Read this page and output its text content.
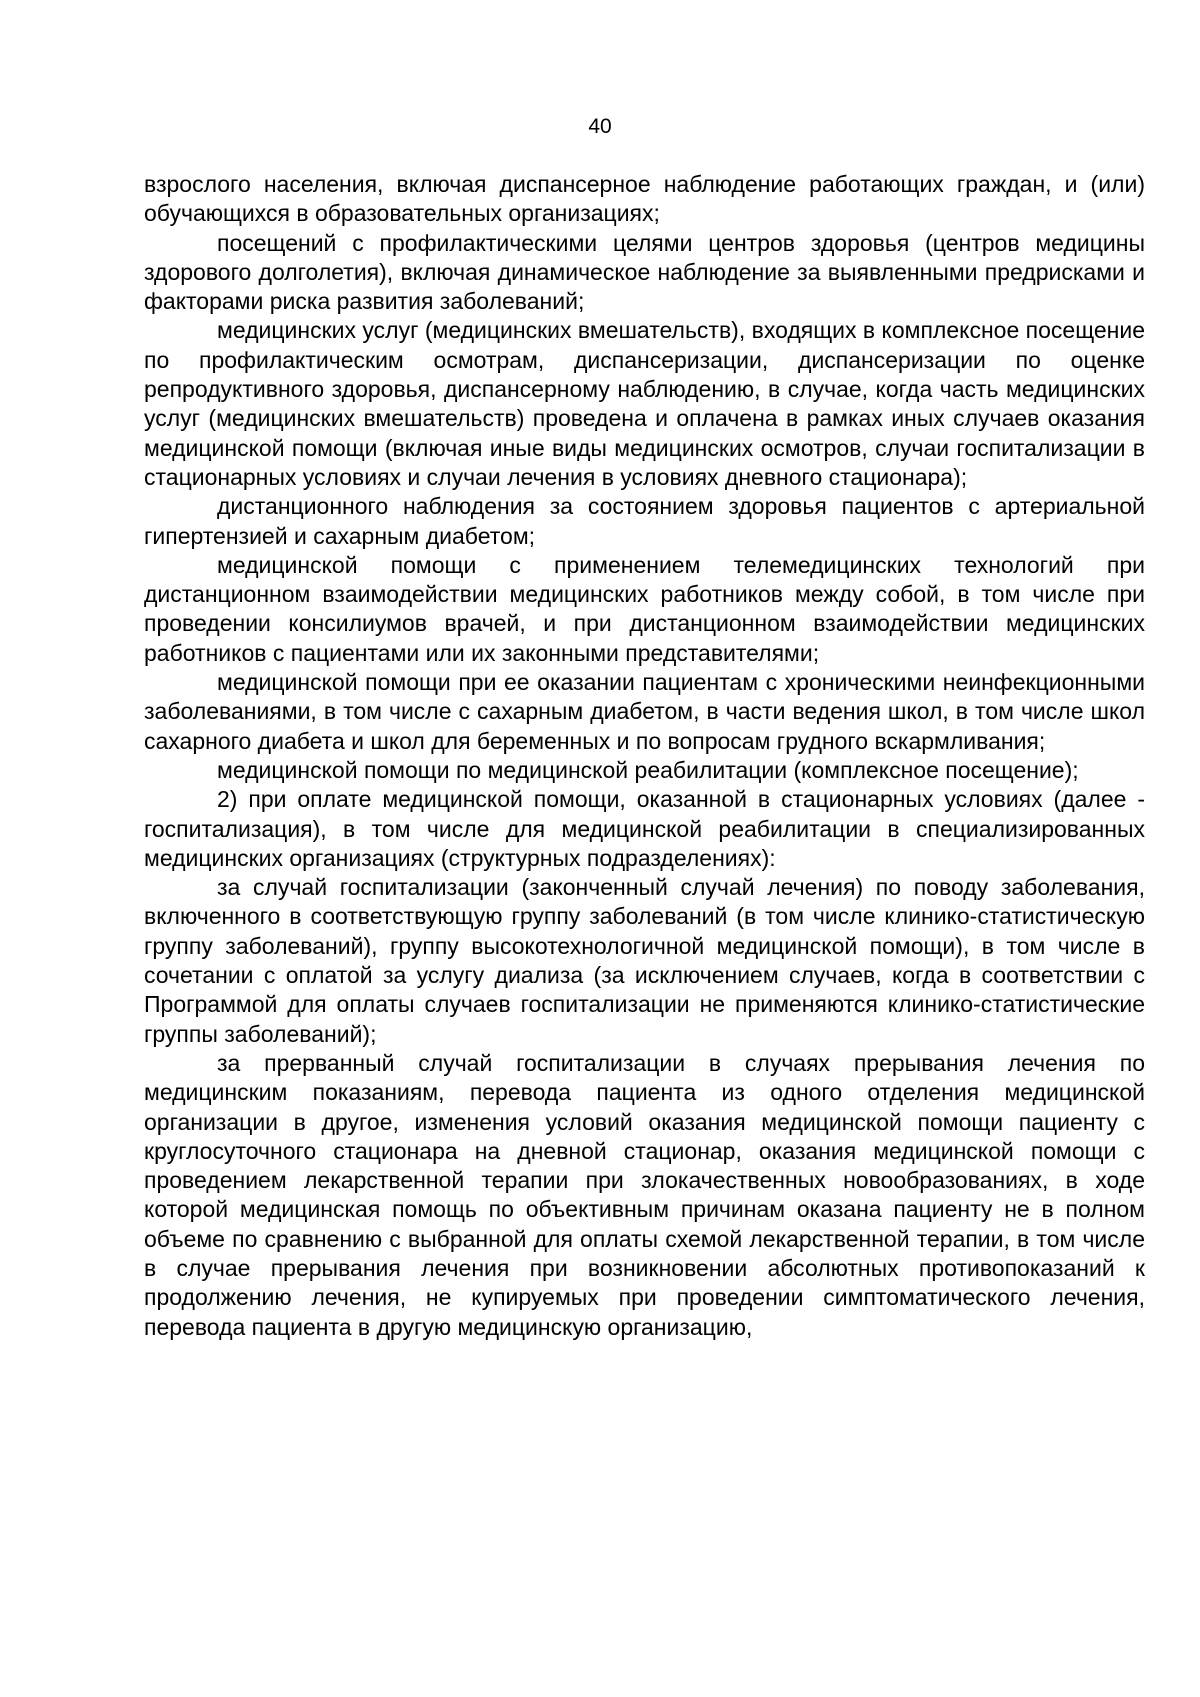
40

взрослого населения, включая диспансерное наблюдение работающих граждан, и (или) обучающихся в образовательных организациях;

посещений с профилактическими целями центров здоровья (центров медицины здорового долголетия), включая динамическое наблюдение за выявленными предрисками и факторами риска развития заболеваний;

медицинских услуг (медицинских вмешательств), входящих в комплексное посещение по профилактическим осмотрам, диспансеризации, диспансеризации по оценке репродуктивного здоровья, диспансерному наблюдению, в случае, когда часть медицинских услуг (медицинских вмешательств) проведена и оплачена в рамках иных случаев оказания медицинской помощи (включая иные виды медицинских осмотров, случаи госпитализации в стационарных условиях и случаи лечения в условиях дневного стационара);

дистанционного наблюдения за состоянием здоровья пациентов с артериальной гипертензией и сахарным диабетом;

медицинской помощи с применением телемедицинских технологий при дистанционном взаимодействии медицинских работников между собой, в том числе при проведении консилиумов врачей, и при дистанционном взаимодействии медицинских работников с пациентами или их законными представителями;

медицинской помощи при ее оказании пациентам с хроническими неинфекционными заболеваниями, в том числе с сахарным диабетом, в части ведения школ, в том числе школ сахарного диабета и школ для беременных и по вопросам грудного вскармливания;

медицинской помощи по медицинской реабилитации (комплексное посещение);

2) при оплате медицинской помощи, оказанной в стационарных условиях (далее - госпитализация), в том числе для медицинской реабилитации в специализированных медицинских организациях (структурных подразделениях):

за случай госпитализации (законченный случай лечения) по поводу заболевания, включенного в соответствующую группу заболеваний (в том числе клинико-статистическую группу заболеваний), группу высокотехнологичной медицинской помощи), в том числе в сочетании с оплатой за услугу диализа (за исключением случаев, когда в соответствии с Программой для оплаты случаев госпитализации не применяются клинико-статистические группы заболеваний);

за прерванный случай госпитализации в случаях прерывания лечения по медицинским показаниям, перевода пациента из одного отделения медицинской организации в другое, изменения условий оказания медицинской помощи пациенту с круглосуточного стационара на дневной стационар, оказания медицинской помощи с проведением лекарственной терапии при злокачественных новообразованиях, в ходе которой медицинская помощь по объективным причинам оказана пациенту не в полном объеме по сравнению с выбранной для оплаты схемой лекарственной терапии, в том числе в случае прерывания лечения при возникновении абсолютных противопоказаний к продолжению лечения, не купируемых при проведении симптоматического лечения, перевода пациента в другую медицинскую организацию,
